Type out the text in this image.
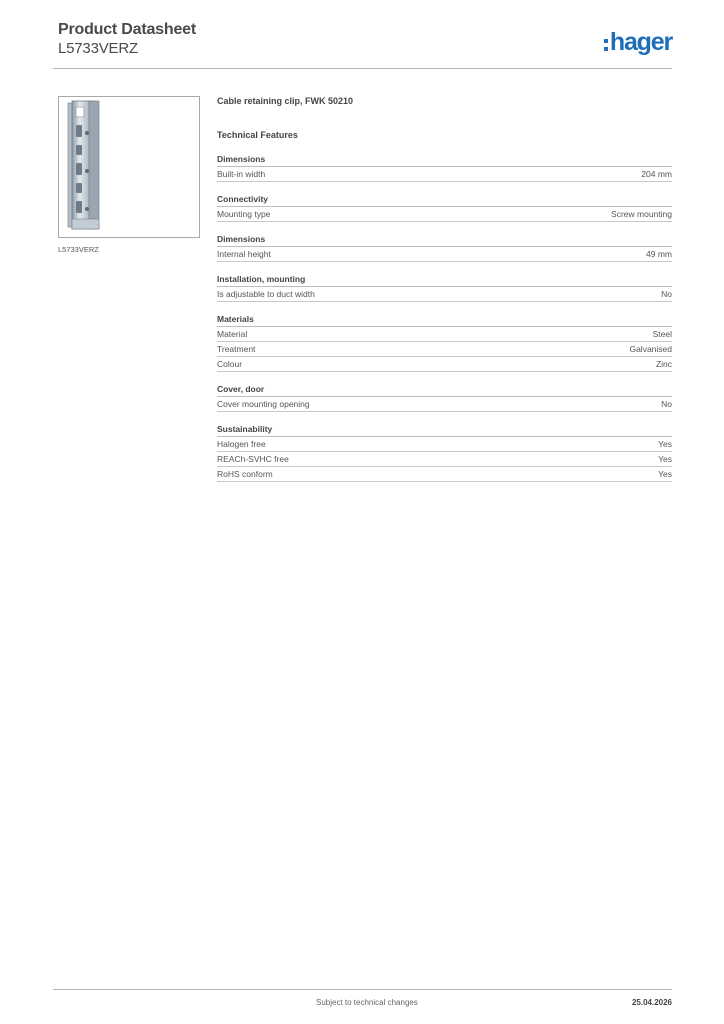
Product Datasheet
L5733VERZ	hager
L5733VERZ
Cable retaining clip, FWK 50210
Technical Features
Dimensions
Built-in width	204 mm
Connectivity
Mounting type	Screw mounting
Dimensions
Internal height	49 mm
Installation, mounting
Is adjustable to duct width	No
Materials
Material	Steel
Treatment	Galvanised
Colour	Zinc
Cover, door
Cover mounting opening	No
Sustainability
Halogen free	Yes
REACh-SVHC free	Yes
RoHS conform	Yes
Subject to technical changes	25.04.2026
